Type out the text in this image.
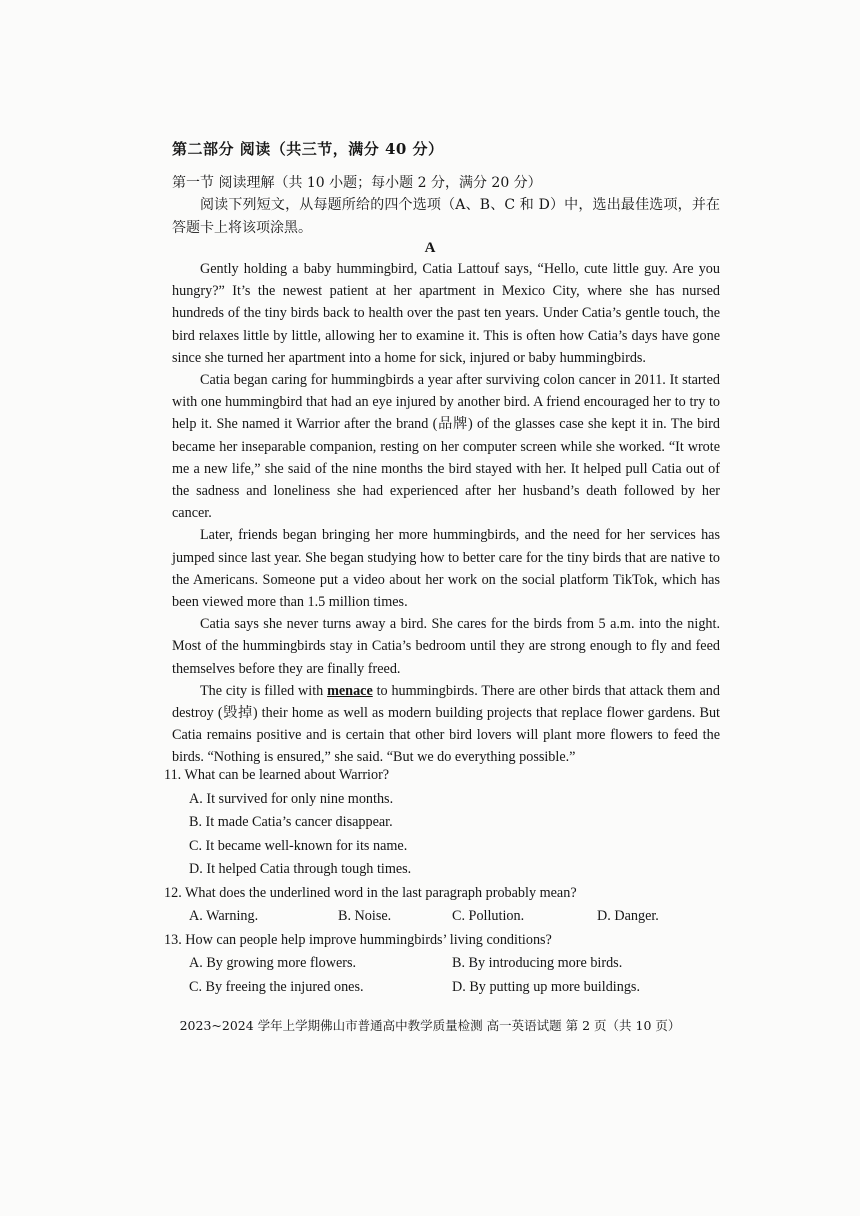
第二部分 阅读（共三节，满分 40 分）
第一节 阅读理解（共 10 小题；每小题 2 分，满分 20 分）
阅读下列短文，从每题所给的四个选项（A、B、C 和 D）中，选出最佳选项，并在答题卡上将该项涂黑。
A

Gently holding a baby hummingbird, Catia Lattouf says, “Hello, cute little guy. Are you hungry?” It’s the newest patient at her apartment in Mexico City, where she has nursed hundreds of the tiny birds back to health over the past ten years. Under Catia’s gentle touch, the bird relaxes little by little, allowing her to examine it. This is often how Catia’s days have gone since she turned her apartment into a home for sick, injured or baby hummingbirds.

Catia began caring for hummingbirds a year after surviving colon cancer in 2011. It started with one hummingbird that had an eye injured by another bird. A friend encouraged her to try to help it. She named it Warrior after the brand (品牌) of the glasses case she kept it in. The bird became her inseparable companion, resting on her computer screen while she worked. “It wrote me a new life,” she said of the nine months the bird stayed with her. It helped pull Catia out of the sadness and loneliness she had experienced after her husband’s death followed by her cancer.

Later, friends began bringing her more hummingbirds, and the need for her services has jumped since last year. She began studying how to better care for the tiny birds that are native to the Americans. Someone put a video about her work on the social platform TikTok, which has been viewed more than 1.5 million times.

Catia says she never turns away a bird. She cares for the birds from 5 a.m. into the night. Most of the hummingbirds stay in Catia’s bedroom until they are strong enough to fly and feed themselves before they are finally freed.

The city is filled with menace to hummingbirds. There are other birds that attack them and destroy (毁掉) their home as well as modern building projects that replace flower gardens. But Catia remains positive and is certain that other bird lovers will plant more flowers to feed the birds. “Nothing is ensured,” she said. “But we do everything possible.”

11. What can be learned about Warrior?
A. It survived for only nine months.
B. It made Catia’s cancer disappear.
C. It became well-known for its name.
D. It helped Catia through tough times.
12. What does the underlined word in the last paragraph probably mean?
A. Warning.	B. Noise.	C. Pollution.	D. Danger.
13. How can people help improve hummingbirds’ living conditions?
A. By growing more flowers.	B. By introducing more birds.
C. By freeing the injured ones.	D. By putting up more buildings.
2023~2024 学年上学期佛山市普通高中教学质量检测 高一英语试题 第 2 页（共 10 页）
